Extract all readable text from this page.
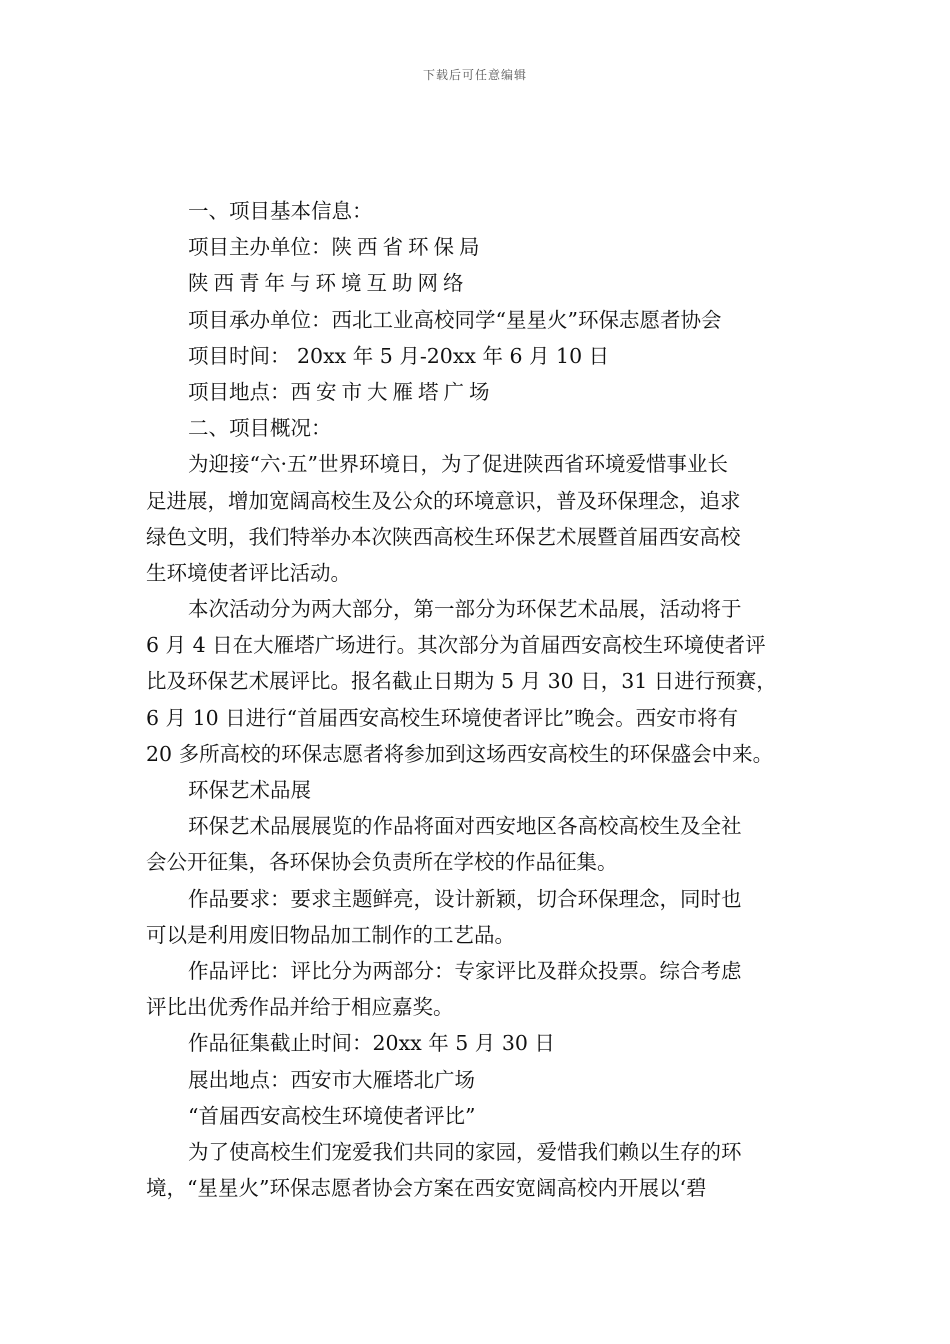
下载后可任意编辑
一、项目基本信息：
项目主办单位：陕西省环保局
陕西青年与环境互助网络
项目承办单位：西北工业高校同学“星星火”环保志愿者协会
项目时间： 20xx 年 5 月-20xx 年 6 月 10 日
项目地点：西安市大雁塔广场
二、项目概况：
为迎接“六·五”世界环境日，为了促进陕西省环境爱惜事业长
足进展，增加宽阔高校生及公众的环境意识，普及环保理念，追求
绿色文明，我们特举办本次陕西高校生环保艺术展暨首届西安高校
生环境使者评比活动。
本次活动分为两大部分，第一部分为环保艺术品展，活动将于
6 月 4 日在大雁塔广场进行。其次部分为首届西安高校生环境使者评
比及环保艺术展评比。报名截止日期为 5 月 30 日，31 日进行预赛，
6 月 10 日进行“首届西安高校生环境使者评比”晚会。西安市将有
20 多所高校的环保志愿者将参加到这场西安高校生的环保盛会中来。
环保艺术品展
环保艺术品展展览的作品将面对西安地区各高校高校生及全社
会公开征集，各环保协会负责所在学校的作品征集。
作品要求：要求主题鲜亮，设计新颖，切合环保理念，同时也
可以是利用废旧物品加工制作的工艺品。
作品评比：评比分为两部分：专家评比及群众投票。综合考虑
评比出优秀作品并给于相应嘉奖。
作品征集截止时间：20xx 年 5 月 30 日
展出地点：西安市大雁塔北广场
“首届西安高校生环境使者评比”
为了使高校生们宠爱我们共同的家园，爱惜我们赖以生存的环
境，“星星火”环保志愿者协会方案在西安宽阔高校内开展以‘碧
